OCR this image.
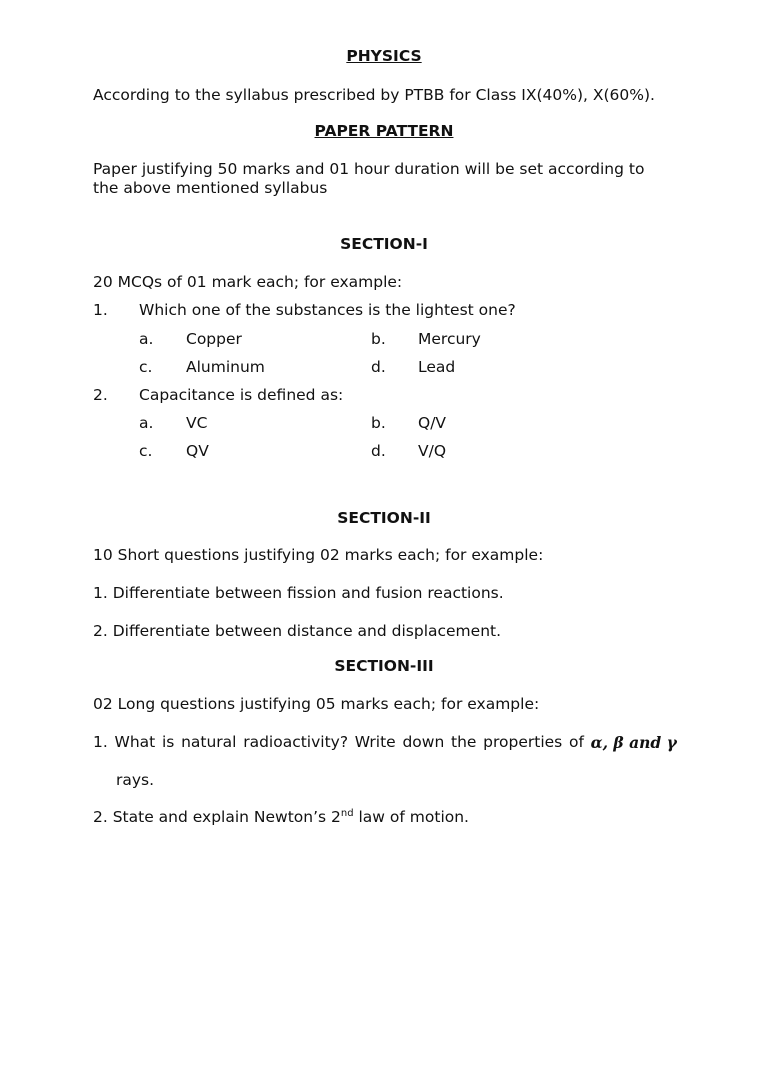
PHYSICS

According to the syllabus prescribed by PTBB for Class IX(40%), X(60%).

PAPER PATTERN

Paper justifying 50 marks and 01 hour duration will be set according to the above mentioned syllabus

SECTION-I

20 MCQs of 01 mark each; for example:

1. Which one of the substances is the lightest one?
a. Copper	b. Mercury
c. Aluminum	d. Lead
2. Capacitance is defined as:
a. VC	b. Q/V
c. QV	d. V/Q

SECTION-II

10 Short questions justifying 02 marks each; for example:

1. Differentiate between fission and fusion reactions.

2. Differentiate between distance and displacement.

SECTION-III

02 Long questions justifying 05 marks each; for example:

1. What is natural radioactivity? Write down the properties of α, β and γ

rays.

2. State and explain Newton’s 2nd law of motion.
